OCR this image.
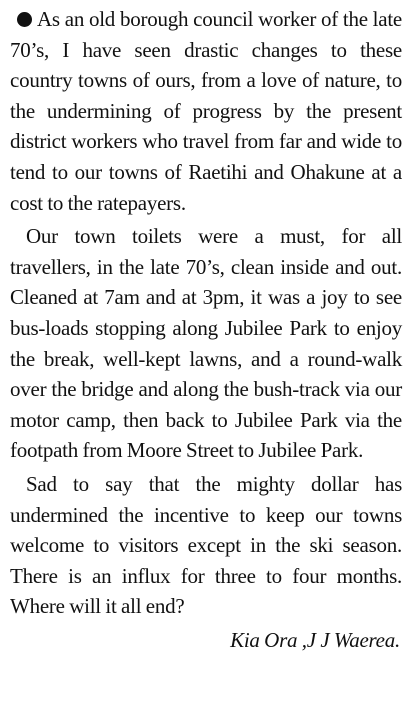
As an old borough council worker of the late 70’s, I have seen drastic changes to these country towns of ours, from a love of nature, to the undermining of progress by the present district workers who travel from far and wide to tend to our towns of Raetihi and Ohakune at a cost to the ratepayers.

Our town toilets were a must, for all travellers, in the late 70’s, clean inside and out. Cleaned at 7am and at 3pm, it was a joy to see bus-loads stopping along Jubilee Park to enjoy the break, well-kept lawns, and a round-walk over the bridge and along the bush-track via our motor camp, then back to Jubilee Park via the footpath from Moore Street to Jubilee Park.

Sad to say that the mighty dollar has undermined the incentive to keep our towns welcome to visitors except in the ski season. There is an influx for three to four months. Where will it all end?

Kia Ora ,J J Waerea.
